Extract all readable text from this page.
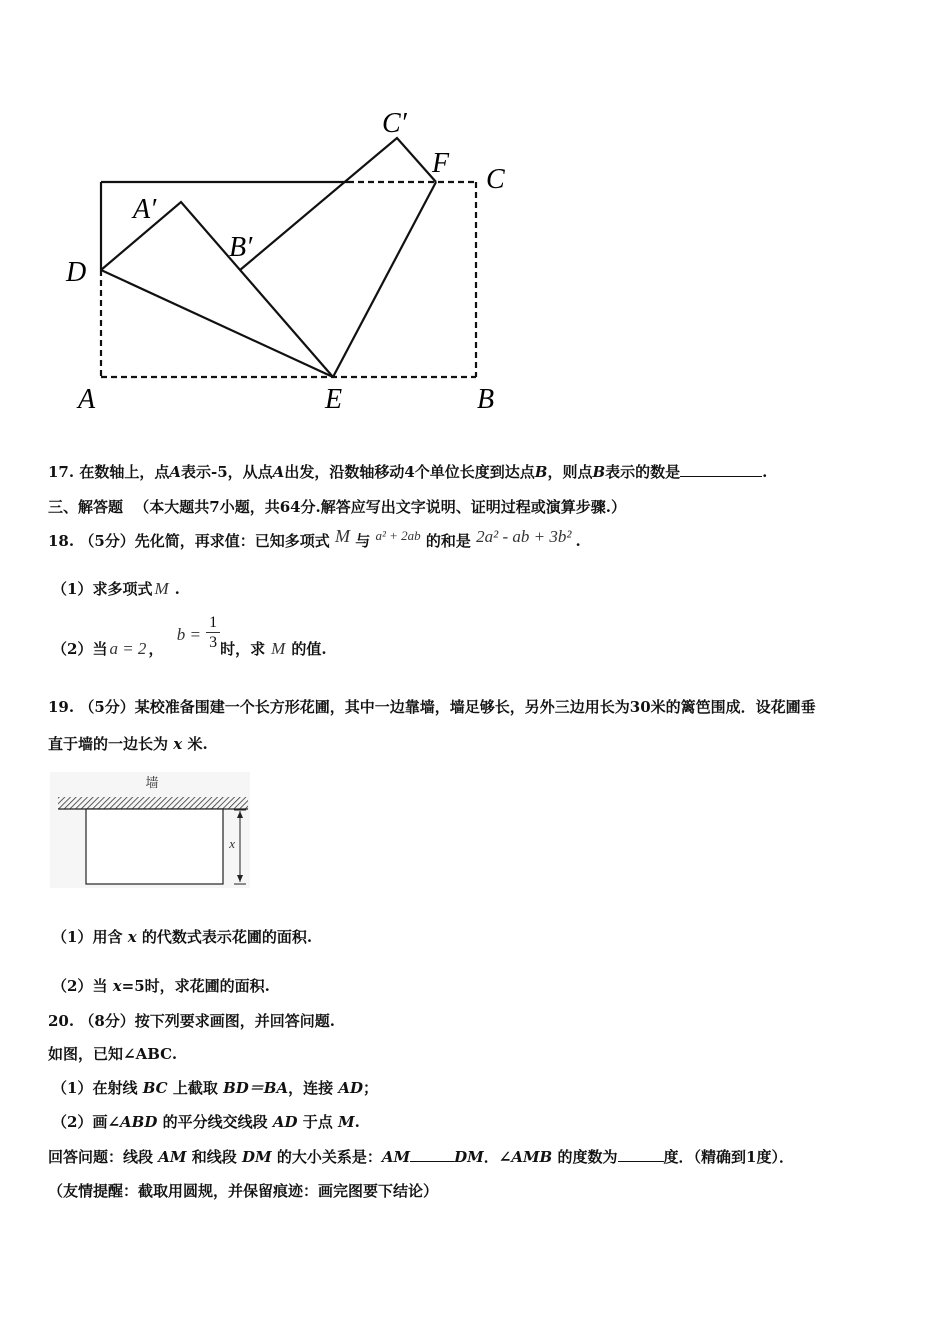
C′
F
C
A′
B′
D
A	E	B
17. 在数轴上，点A表示-5，从点A出发，沿数轴移动4个单位长度到达点B，则点B表示的数是	.
三、解答题 （本大题共7小题，共64分.解答应写出文字说明、证明过程或演算步骤.）
18. （5分）先化简，再求值：已知多项式 M 与 a² + 2ab 的和是 2a² - ab + 3b² .
（1）求多项式 M .
（2）当 a = 2 ， $b = \frac{1}{3}$ 时，求 M 的值.
19. （5分）某校准备围建一个长方形花圃，其中一边靠墙，墙足够长，另外三边用长为30米的篱笆围成．设花圃垂
直于墙的一边长为 x 米.
墙
x
（1）用含 x 的代数式表示花圃的面积.
（2）当 x=5时，求花圃的面积.
20. （8分）按下列要求画图，并回答问题.
如图，已知∠ABC.
（1）在射线 BC 上截取 BD＝BA，连接 AD；
（2）画∠ABD 的平分线交线段 AD 于点 M.
回答问题：线段 AM 和线段 DM 的大小关系是：AM	DM．∠AMB 的度数为	度．（精确到1度）．
（友情提醒：截取用圆规，并保留痕迹：画完图要下结论）
